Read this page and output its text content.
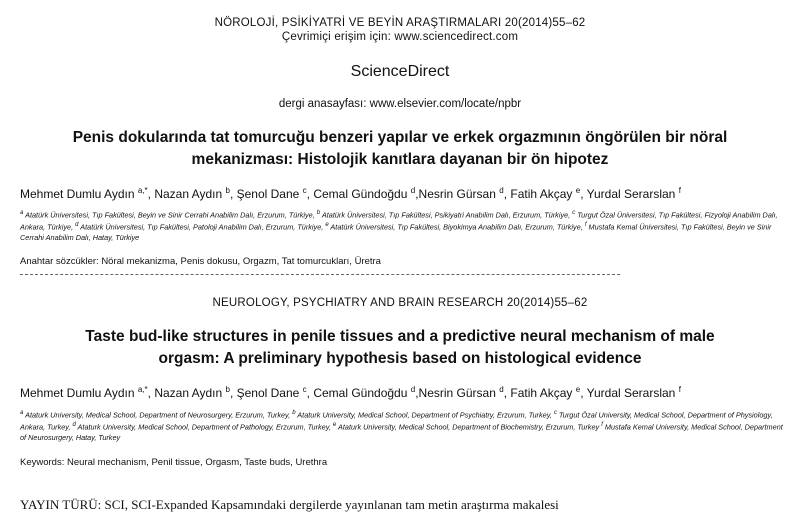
NÖROLOJİ, PSİKİYATRİ VE BEYİN ARAŞTIRMALARI 20(2014)55–62
Çevrimiçi erişim için: www.sciencedirect.com
ScienceDirect
dergi anasayfası: www.elsevier.com/locate/npbr
Penis dokularında tat tomurcuğu benzeri yapılar ve erkek orgazmının öngörülen bir nöral
mekanizması: Histolojik kanıtlara dayanan bir ön hipotez
Mehmet Dumlu Aydın $^{a,*}$, Nazan Aydın $^b$, Şenol Dane $^c$, Cemal Gündoğdu $^d$,Nesrin Gürsan $^d$, Fatih Akçay $^e$, Yurdal Serarslan $^f$
$^a$ Atatürk Üniversitesi, Tıp Fakültesi, Beyin ve Sinir Cerrahi Anabilim Dalı, Erzurum, Türkiye, $^b$ Atatürk Üniversitesi, Tıp Fakültesi, Psikiyatri Anabilim Dalı, Erzurum, Türkiye, $^c$ Turgut Özal Üniversitesi, Tıp Fakültesi, Fizyoloji Anabilim Dalı, Ankara, Türkiye, $^d$ Atatürk Üniversitesi, Tıp Fakültesi, Patoloji Anabilim Dalı, Erzurum, Türkiye, $^e$ Atatürk Üniversitesi, Tıp Fakültesi, Biyokimya Anabilim Dalı, Erzurum, Türkiye, $^f$ Mustafa Kemal Üniversitesi, Tıp Fakültesi, Beyin ve Sinir Cerrahi Anabilim Dalı, Hatay, Türkiye
Anahtar sözcükler: Nöral mekanizma, Penis dokusu, Orgazm, Tat tomurcukları, Üretra
NEUROLOGY, PSYCHIATRY AND BRAIN RESEARCH 20(2014)55–62
Taste bud-like structures in penile tissues and a predictive neural mechanism of male
orgasm: A preliminary hypothesis based on histological evidence
Mehmet Dumlu Aydın $^{a,*}$, Nazan Aydın $^b$, Şenol Dane $^c$, Cemal Gündoğdu $^d$,Nesrin Gürsan $^d$, Fatih Akçay $^e$, Yurdal Serarslan $^f$
$^a$ Ataturk University, Medical School, Department of Neurosurgery, Erzurum, Turkey, $^b$ Ataturk University, Medical School, Department of Psychiatry, Erzurum, Turkey, $^c$ Turgut Özal University, Medical School, Department of Physiology, Ankara, Turkey, $^d$ Ataturk University, Medical School, Department of Pathology, Erzurum, Turkey, $^e$ Ataturk University, Medical School, Department of Biochemistry, Erzurum, Turkey $^f$ Mustafa Kemal University, Medical School, Department of Neurosurgery, Hatay, Turkey
Keywords: Neural mechanism, Penil tissue, Orgasm, Taste buds, Urethra
YAYIN TÜRÜ: SCI, SCI-Expanded Kapsamındaki dergilerde yayınlanan tam metin araştırma makalesi
